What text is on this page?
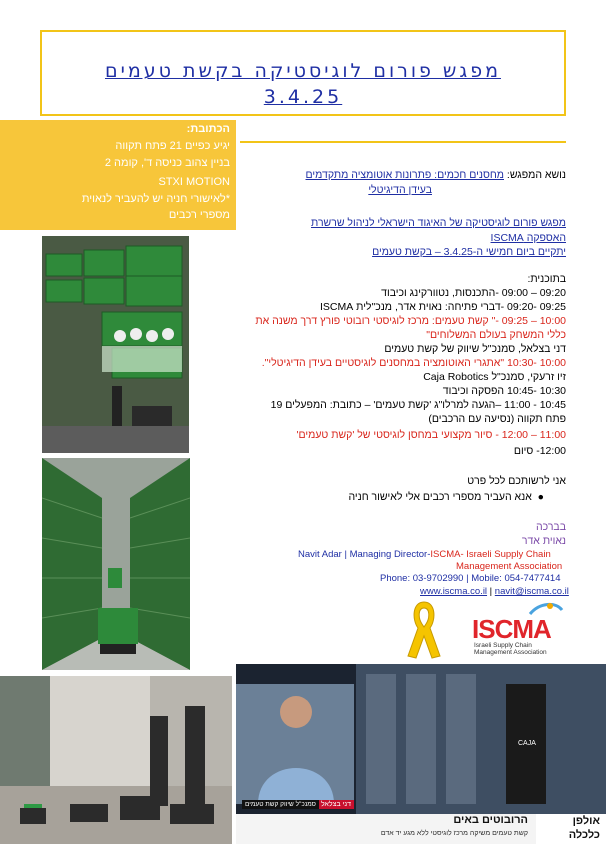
מפגש פורום לוגיסטיקה בקשת טעמים
3.4.25
הכתובת:
יגיע כפיים 21 פתח תקווה
בניין צהוב כניסה ד', קומה 2
STXI MOTION
*לאישורי חניה יש להעביר לנאוית
מספרי רכבים
נושא המפגש: מחסנים חכמים: פתרונות אוטומציה מתקדמים
בעידן הדיגיטלי
מפגש פורום לוגיסטיקה של האיגוד הישראלי לניהול שרשרת
האספקה ISCMA
יתקיים ביום חמישי ה-3.4.25 – בקשת טעמים
בתוכנית:
09:20 – 09:00 -התכנסות, נטוורקינג וכיבוד
09:25 -09:20 -דברי פתיחה: נאוית אדר, מנכ"לית ISCMA
10:00 – 09:25 -" קשת טעמים: מרכז לוגיסטי רובוטי פורץ דרך משנה את
כללי המשחק בעולם המשלוחים"
דני בצלאל, סמנכ"ל שיווק של קשת טעמים
10:00 -10:30 "אתגרי האוטומציה במחסנים לוגיסטיים בעידן הדיגיטלי".
זיו זרעקי, סמנכ"ל Caja Robotics
10:30 -10:45 הפסקה וכיבוד
10:45 - 11:00 –הגעה למרלו"ג 'קשת טעמים' – כתובת: המפעלים 19
פתח תקווה (נסיעה עם הרכבים)
11:00 – 12:00 - סיור מקצועי במחסן לוגיסטי של 'קשת טעמים'
12:00- סיום
אני לרשותכם לכל פרט
●  אנא העביר מספרי רכבים אלי לאישור חניה
בברכה
נאוית אדר
Navit Adar | Managing Director-ISCMA- Israeli Supply Chain
Management Association
Phone: 03-9702990 | Mobile: 054-7477414
www.iscma.co.il | navit@iscma.co.il
ISCMA
Israeli Supply Chain
Management Association
דני בצלאל
סמנכ"ל שיווק קשת טעמים
הרובוטים באים
קשת טעמים משיקה מרכז לוגיסטי ללא מגע יד אדם
אולפן
כלכלה
CAJA
